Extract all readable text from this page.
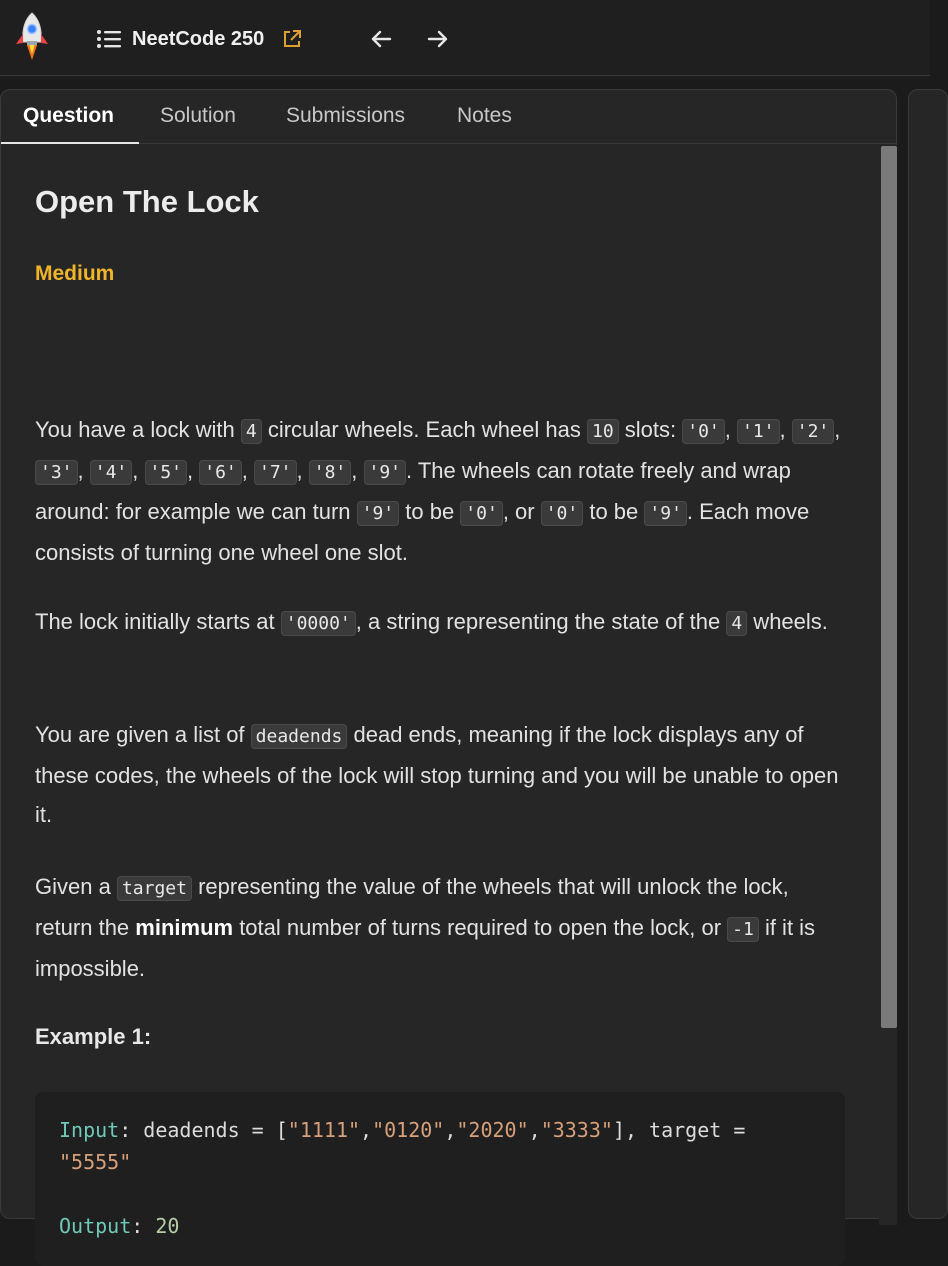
NeetCode 250
Question Solution Submissions Notes
Open The Lock
Medium

You have a lock with 4 circular wheels. Each wheel has 10 slots: '0' , '1' , '2' , '3' , '4' , '5' , '6' , '7' , '8' , '9' . The wheels can rotate freely and wrap around: for example we can turn '9' to be '0' , or '0' to be '9' . Each move consists of turning one wheel one slot.

The lock initially starts at '0000' , a string representing the state of the 4 wheels.

You are given a list of deadends dead ends, meaning if the lock displays any of these codes, the wheels of the lock will stop turning and you will be unable to open it.

Given a target representing the value of the wheels that will unlock the lock, return the minimum total number of turns required to open the lock, or -1 if it is impossible.

Example 1:
Input: deadends = ["1111","0120","2020","3333"], target =
"5555"
Output: 20
